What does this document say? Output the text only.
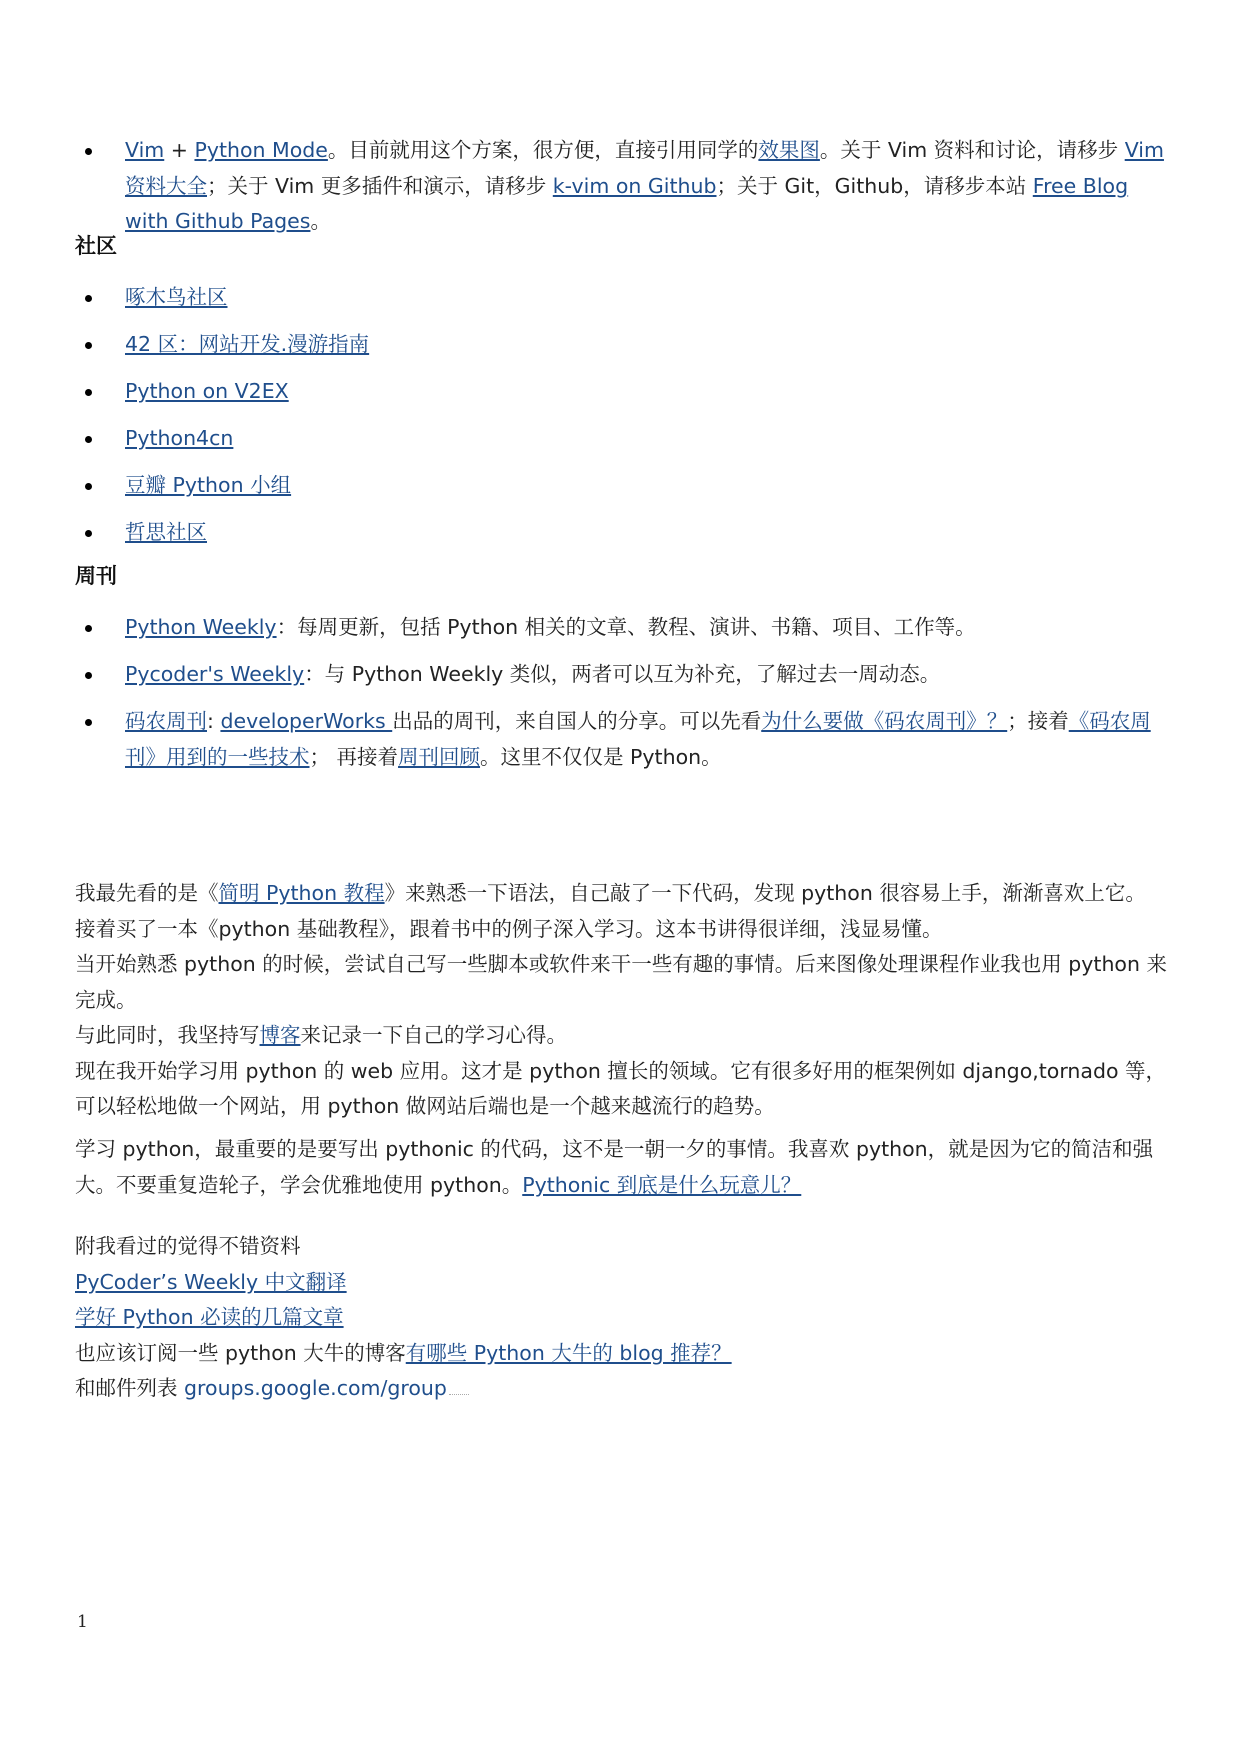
Vim + Python Mode。目前就用这个方案，很方便，直接引用同学的效果图。关于 Vim 资料和讨论，请移步 Vim 资料大全；关于 Vim 更多插件和演示，请移步 k-vim on Github；关于 Git，Github，请移步本站 Free Blog with Github Pages。
社区
啄木鸟社区
42 区：网站开发.漫游指南
Python on V2EX
Python4cn
豆瓣 Python 小组
哲思社区
周刊
Python Weekly：每周更新，包括 Python 相关的文章、教程、演讲、书籍、项目、工作等。
Pycoder's Weekly：与 Python Weekly 类似，两者可以互为补充，了解过去一周动态。
码农周刊: developerWorks 出品的周刊，来自国人的分享。可以先看为什么要做《码农周刊》？；接着《码农周刊》用到的一些技术； 再接着周刊回顾。这里不仅仅是 Python。
我最先看的是《简明 Python 教程》来熟悉一下语法，自己敲了一下代码，发现 python 很容易上手，渐渐喜欢上它。
接着买了一本《python 基础教程》，跟着书中的例子深入学习。这本书讲得很详细，浅显易懂。
当开始熟悉 python 的时候，尝试自己写一些脚本或软件来干一些有趣的事情。后来图像处理课程作业我也用 python 来完成。
与此同时，我坚持写博客来记录一下自己的学习心得。
现在我开始学习用 python 的 web 应用。这才是 python 擅长的领域。它有很多好用的框架例如 django,tornado 等，可以轻松地做一个网站，用 python 做网站后端也是一个越来越流行的趋势。
学习 python，最重要的是要写出 pythonic 的代码，这不是一朝一夕的事情。我喜欢 python，就是因为它的简洁和强大。不要重复造轮子，学会优雅地使用 python。Pythonic 到底是什么玩意儿？
附我看过的觉得不错资料
PyCoder’s Weekly 中文翻译
学好 Python 必读的几篇文章
也应该订阅一些 python 大牛的博客有哪些 Python 大牛的 blog 推荐？
和邮件列表 groups.google.com/group
1
